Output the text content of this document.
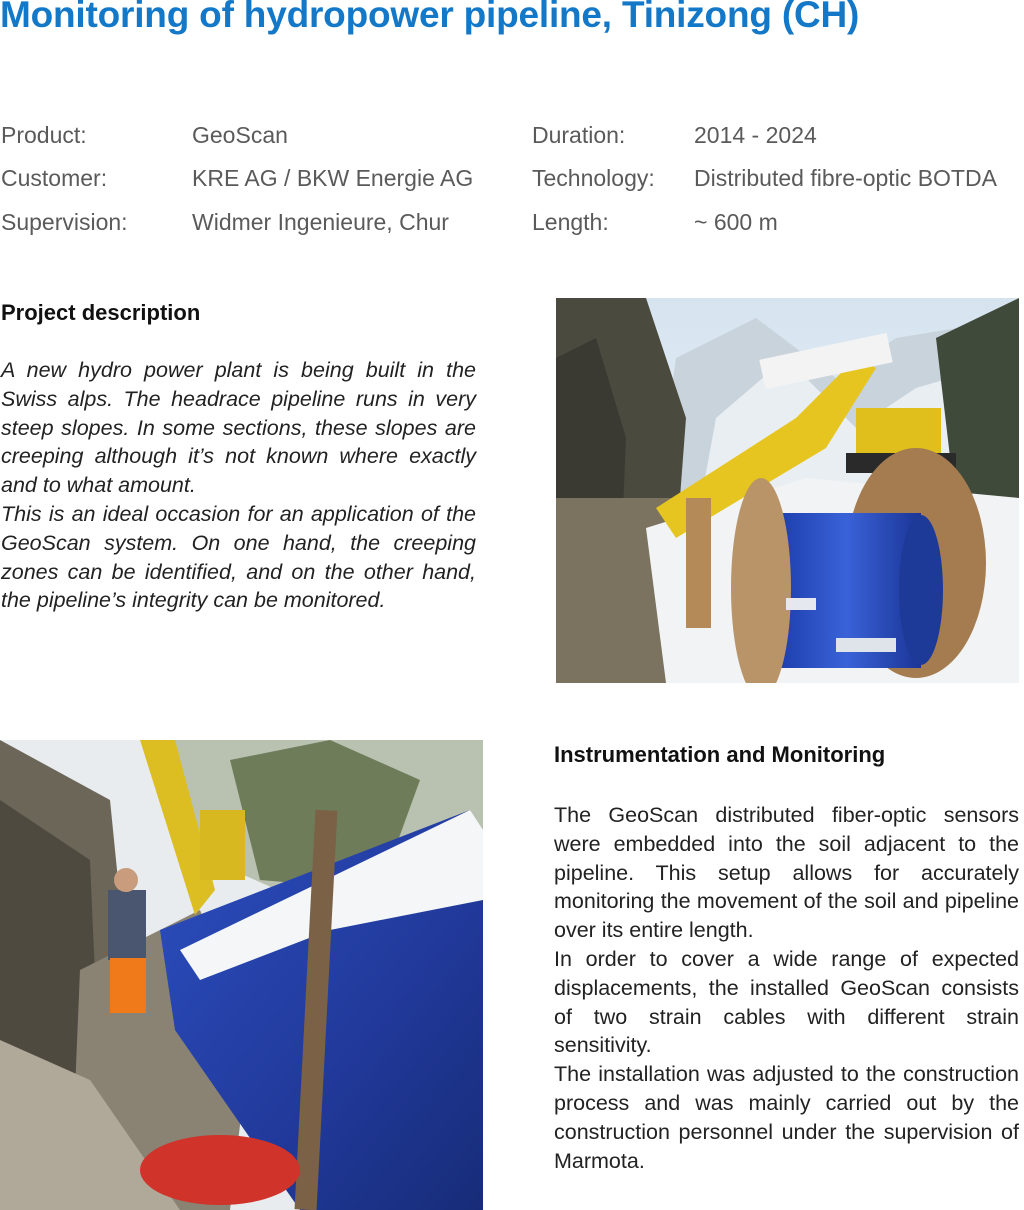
Monitoring of hydropower pipeline, Tinizong (CH)
Product:	GeoScan	Duration:	2014 - 2024
Customer:	KRE AG / BKW Energie AG	Technology: Distributed fibre-optic BOTDA
Supervision:	Widmer Ingenieure, Chur	Length:	~ 600 m
Project description

A new hydro power plant is being built in the Swiss alps. The headrace pipeline runs in very steep slopes. In some sections, these slopes are creeping although it’s not known where exactly and to what amount.

This is an ideal occasion for an application of the GeoScan system. On one hand, the creeping zones can be identified, and on the other hand, the pipeline’s integrity can be monitored.

Instrumentation and Monitoring

The GeoScan distributed fiber-optic sensors were embedded into the soil adjacent to the pipeline. This setup allows for accurately monitoring the movement of the soil and pipeline over its entire length.

In order to cover a wide range of expected displacements, the installed GeoScan consists of two strain cables with different strain sensitivity.

The installation was adjusted to the construction process and was mainly carried out by the construction personnel under the supervision of Marmota.
